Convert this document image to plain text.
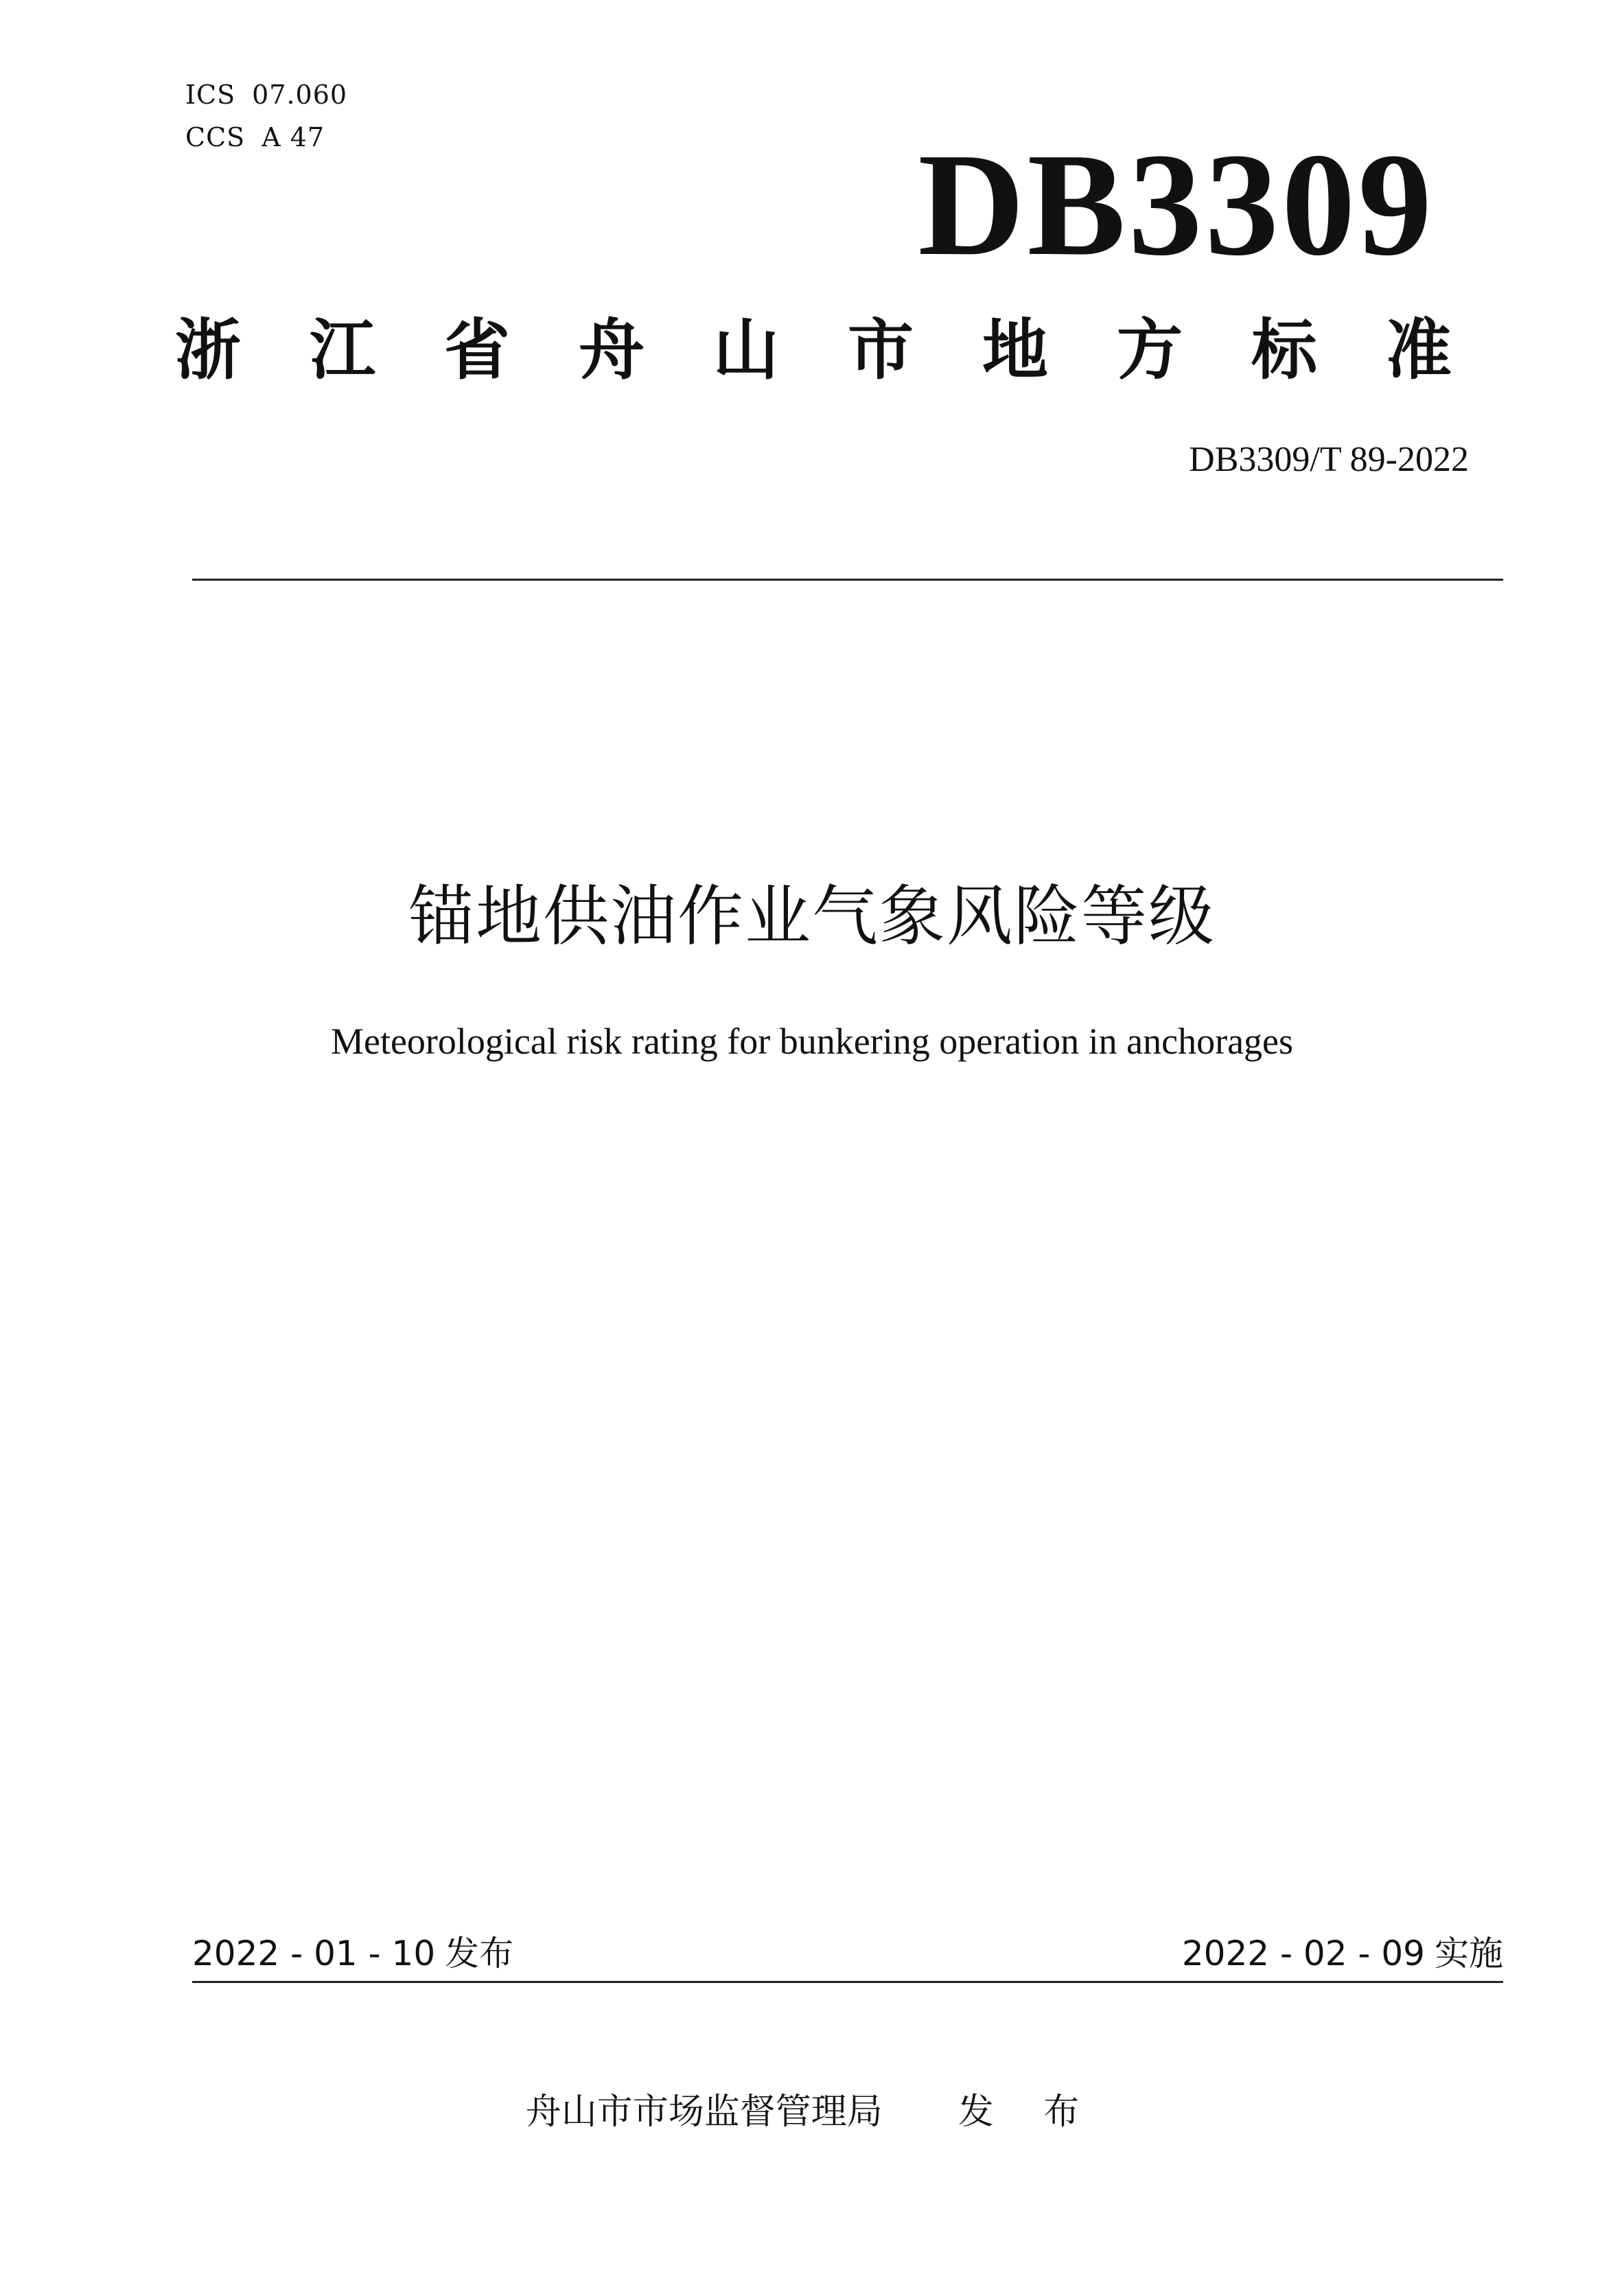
ICS 07.060
CCS A 47	DB3309
浙 江 省 舟 山 市 地 方 标 准
DB3309/T 89-2022
锚地供油作业气象风险等级
Meteorological risk rating for bunkering operation in anchorages
2022 - 01 - 10 发布	2022 - 02 - 09 实施
舟山市市场监督管理局 发 布
